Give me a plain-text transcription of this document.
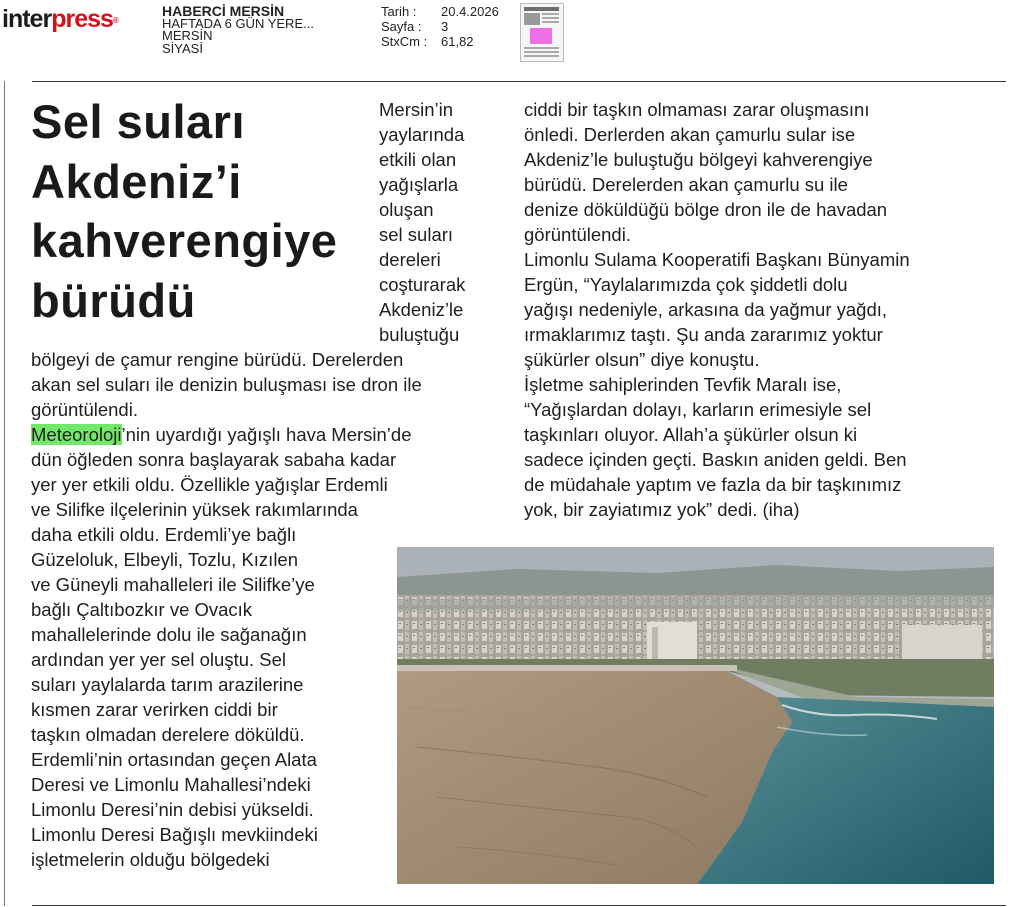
interpress®
HABERCİ MERSİN
HAFTADA 6 GÜN YERE...
MERSİN
SİYASİ
Tarih :	20.4.2026
Sayfa :	3
StxCm :	61,82
Sel suları
Akdeniz’i
kahverengiye
bürüdü
Mersin’in
yaylarında
etkili olan
yağışlarla
oluşan
sel suları
dereleri
coşturarak
Akdeniz’le
buluştuğu
bölgeyi de çamur rengine bürüdü. Derelerden
akan sel suları ile denizin buluşması ise dron ile
görüntülendi.
Meteoroloji’nin uyardığı yağışlı hava Mersin’de
dün öğleden sonra başlayarak sabaha kadar
yer yer etkili oldu. Özellikle yağışlar Erdemli
ve Silifke ilçelerinin yüksek rakımlarında
daha etkili oldu. Erdemli’ye bağlı
Güzeloluk, Elbeyli, Tozlu, Kızılen
ve Güneyli mahalleleri ile Silifke’ye
bağlı Çaltıbozkır ve Ovacık
mahallelerinde dolu ile sağanağın
ardından yer yer sel oluştu. Sel
suları yaylalarda tarım arazilerine
kısmen zarar verirken ciddi bir
taşkın olmadan derelere döküldü.
Erdemli’nin ortasından geçen Alata
Deresi ve Limonlu Mahallesi’ndeki
Limonlu Deresi’nin debisi yükseldi.
Limonlu Deresi Bağışlı mevkiindeki
işletmelerin olduğu bölgedeki
ciddi bir taşkın olmaması zarar oluşmasını
önledi. Derlerden akan çamurlu sular ise
Akdeniz’le buluştuğu bölgeyi kahverengiye
bürüdü. Derelerden akan çamurlu su ile
denize döküldüğü bölge dron ile de havadan
görüntülendi.
Limonlu Sulama Kooperatifi Başkanı Bünyamin
Ergün, “Yaylalarımızda çok şiddetli dolu
yağışı nedeniyle, arkasına da yağmur yağdı,
ırmaklarımız taştı. Şu anda zararımız yoktur
şükürler olsun” diye konuştu.
İşletme sahiplerinden Tevfik Maralı ise,
“Yağışlardan dolayı, karların erimesiyle sel
taşkınları oluyor. Allah’a şükürler olsun ki
sadece içinden geçti. Baskın aniden geldi. Ben
de müdahale yaptım ve fazla da bir taşkınımız
yok, bir zayiatımız yok” dedi. (iha)
